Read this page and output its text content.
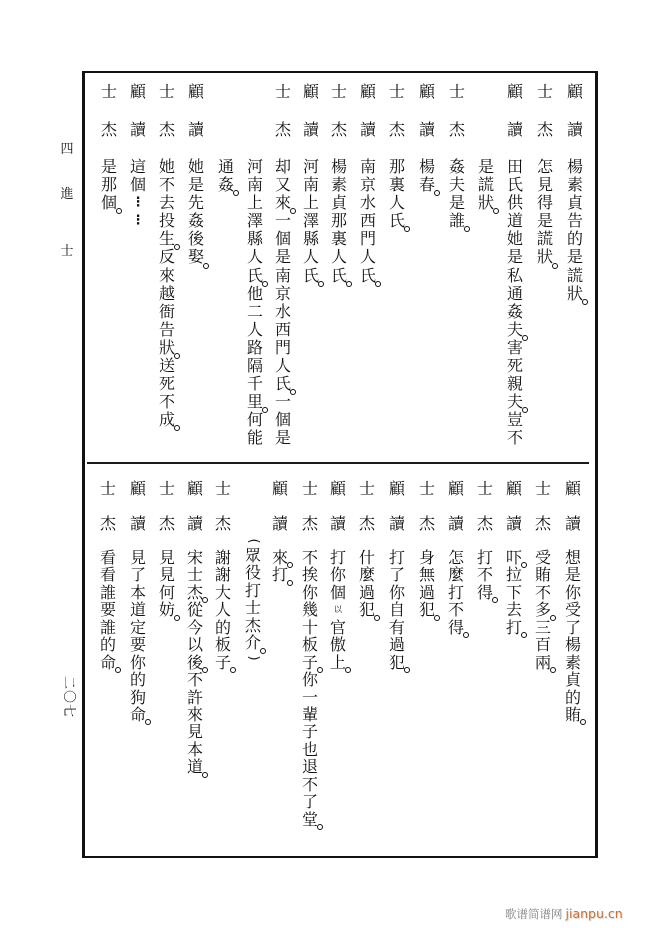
四
進
士
二〇七
顧
讀
楊
素
貞
告
的
是
謊
狀
士
杰
怎
見
得
是
謊
狀
顧
讀
田
氏
供
道
她
是
私
通
姦
夫
害
死
親
夫
豈
不
是
謊
狀
士
杰
姦
夫
是
誰
顧
讀
楊
春
士
杰
那
裏
人
氏
顧
讀
南
京
水
西
門
人
氏
士
杰
楊
素
貞
那
裏
人
氏
顧
讀
河
南
上
澤
縣
人
氏
士
杰
却
又
來
一
個
是
南
京
水
西
門
人
氏
一
個
是
河
南
上
澤
縣
人
氏
他
二
人
路
隔
千
里
何
能
通
姦
顧
讀
她
是
先
姦
後
娶
士
杰
她
不
去
投
生
反
來
越
衙
告
狀
送
死
不
成
顧
讀
這
個
⋮
⋮
士
杰
是
那
個
顧
讀
想
是
你
受
了
楊
素
貞
的
賄
士
杰
受
賄
不
多
三
百
兩
顧
讀
吓
拉
下
去
打
士
杰
打
不
得
顧
讀
怎
麼
打
不
得
士
杰
身
無
過
犯
顧
讀
打
了
你
自
有
過
犯
士
杰
什
麼
過
犯
顧
讀
打
你
個
以
官
傲
上
士
杰
不
挨
你
幾
十
板
子
你
一
輩
子
也
退
不
了
堂
顧
讀
來
打
(
眾
役
打
士
杰
介
)
士
杰
謝
謝
大
人
的
板
子
顧
讀
宋
士
杰
從
今
以
後
不
許
來
見
本
道
士
杰
見
見
何
妨
顧
讀
見
了
本
道
定
要
你
的
狗
命
士
杰
看
看
誰
要
誰
的
命
歌谱简谱网 jianpu.cn
